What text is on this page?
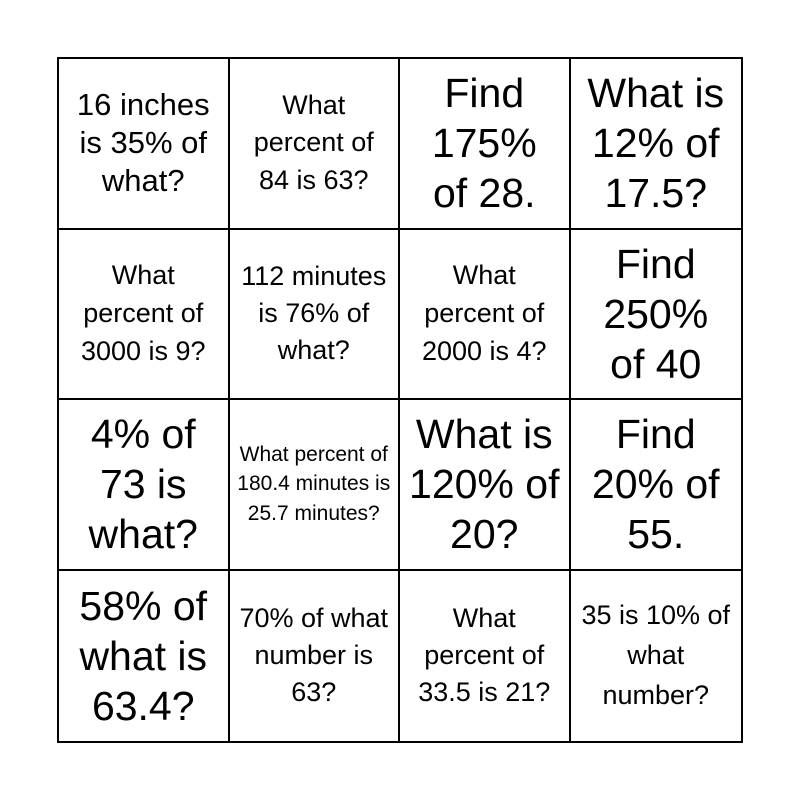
16 inches is 35% of what?
What percent of 84 is 63?
Find 175% of 28.
What is 12% of 17.5?
What percent of 3000 is 9?
112 minutes is 76% of what?
What percent of 2000 is 4?
Find 250% of 40
4% of 73 is what?
What percent of 180.4 minutes is 25.7 minutes?
What is 120% of 20?
Find 20% of 55.
58% of what is 63.4?
70% of what number is 63?
What percent of 33.5 is 21?
35 is 10% of what number?
